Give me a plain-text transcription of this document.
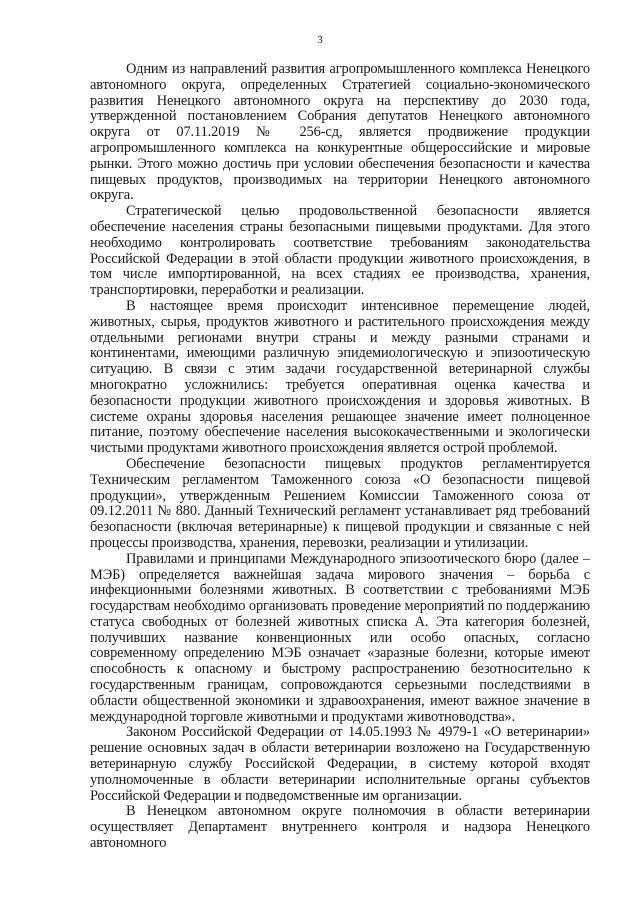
3

Одним из направлений развития агропромышленного комплекса Ненецкого автономного округа, определенных Стратегией социально-экономического развития Ненецкого автономного округа на перспективу до 2030 года, утвержденной постановлением Собрания депутатов Ненецкого автономного округа от 07.11.2019 № 256-сд, является продвижение продукции агропромышленного комплекса на конкурентные общероссийские и мировые рынки. Этого можно достичь при условии обеспечения безопасности и качества пищевых продуктов, производимых на территории Ненецкого автономного округа.

Стратегической целью продовольственной безопасности является обеспечение населения страны безопасными пищевыми продуктами. Для этого необходимо контролировать соответствие требованиям законодательства Российской Федерации в этой области продукции животного происхождения, в том числе импортированной, на всех стадиях ее производства, хранения, транспортировки, переработки и реализации.

В настоящее время происходит интенсивное перемещение людей, животных, сырья, продуктов животного и растительного происхождения между отдельными регионами внутри страны и между разными странами и континентами, имеющими различную эпидемиологическую и эпизоотическую ситуацию. В связи с этим задачи государственной ветеринарной службы многократно усложнились: требуется оперативная оценка качества и безопасности продукции животного происхождения и здоровья животных. В системе охраны здоровья населения решающее значение имеет полноценное питание, поэтому обеспечение населения высококачественными и экологически чистыми продуктами животного происхождения является острой проблемой.

Обеспечение безопасности пищевых продуктов регламентируется Техническим регламентом Таможенного союза «О безопасности пищевой продукции», утвержденным Решением Комиссии Таможенного союза от 09.12.2011 № 880. Данный Технический регламент устанавливает ряд требований безопасности (включая ветеринарные) к пищевой продукции и связанные с ней процессы производства, хранения, перевозки, реализации и утилизации.

Правилами и принципами Международного эпизоотического бюро (далее – МЭБ) определяется важнейшая задача мирового значения – борьба с инфекционными болезнями животных. В соответствии с требованиями МЭБ государствам необходимо организовать проведение мероприятий по поддержанию статуса свободных от болезней животных списка А. Эта категория болезней, получивших название конвенционных или особо опасных, согласно современному определению МЭБ означает «заразные болезни, которые имеют способность к опасному и быстрому распространению безотносительно к государственным границам, сопровождаются серьезными последствиями в области общественной экономики и здравоохранения, имеют важное значение в международной торговле животными и продуктами животноводства».

Законом Российской Федерации от 14.05.1993 № 4979-1 «О ветеринарии» решение основных задач в области ветеринарии возложено на Государственную ветеринарную службу Российской Федерации, в систему которой входят уполномоченные в области ветеринарии исполнительные органы субъектов Российской Федерации и подведомственные им организации.

В Ненецком автономном округе полномочия в области ветеринарии осуществляет Департамент внутреннего контроля и надзора Ненецкого автономного
